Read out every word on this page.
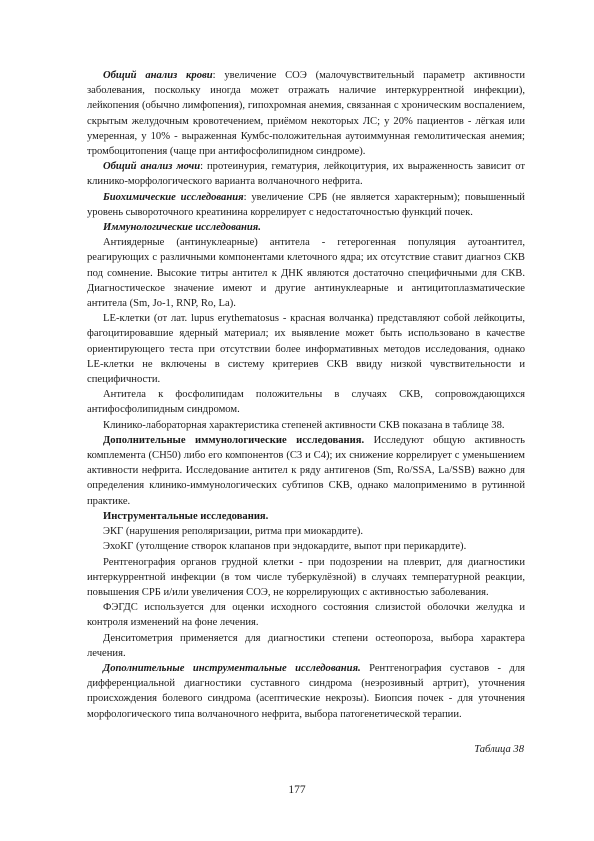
Общий анализ крови: увеличение СОЭ (малочувствительный параметр активности заболевания, поскольку иногда может отражать наличие интеркуррентной инфекции), лейкопения (обычно лимфопения), гипохромная анемия, связанная с хроническим воспалением, скрытым желудочным кровотечением, приёмом некоторых ЛС; у 20% пациентов - лёгкая или умеренная, у 10% - выраженная Кумбс-положительная аутоиммунная гемолитическая анемия; тромбоцитопения (чаще при антифосфолипидном синдроме).

Общий анализ мочи: протеинурия, гематурия, лейкоцитурия, их выраженность зависит от клинико-морфологического варианта волчаночного нефрита.

Биохимические исследования: увеличение СРБ (не является характерным); повышенный уровень сывороточного креатинина коррелирует с недостаточностью функций почек.

Иммунологические исследования.

Антиядерные (антинуклеарные) антитела - гетерогенная популяция аутоантител, реагирующих с различными компонентами клеточного ядра; их отсутствие ставит диагноз СКВ под сомнение. Высокие титры антител к ДНК являются достаточно специфичными для СКВ. Диагностическое значение имеют и другие антинуклеарные и антицитоплазматические антитела (Sm, Jo-1, RNP, Ro, La).

LE-клетки (от лат. lupus erythematosus - красная волчанка) представляют собой лейкоциты, фагоцитировавшие ядерный материал; их выявление может быть использовано в качестве ориентирующего теста при отсутствии более информативных методов исследования, однако LE-клетки не включены в систему критериев СКВ ввиду низкой чувствительности и специфичности.

Антитела к фосфолипидам положительны в случаях СКВ, сопровождающихся антифосфолипидным синдромом.

Клинико-лабораторная характеристика степеней активности СКВ показана в таблице 38.

Дополнительные иммунологические исследования. Исследуют общую активность комплемента (CH50) либо его компонентов (C3 и C4); их снижение коррелирует с уменьшением активности нефрита. Исследование антител к ряду антигенов (Sm, Ro/SSA, La/SSB) важно для определения клинико-иммунологических субтипов СКВ, однако малоприменимо в рутинной практике.

Инструментальные исследования.

ЭКГ (нарушения реполяризации, ритма при миокардите).

ЭхоКГ (утолщение створок клапанов при эндокардите, выпот при перикардите).

Рентгенография органов грудной клетки - при подозрении на плеврит, для диагностики интеркуррентной инфекции (в том числе туберкулёзной) в случаях температурной реакции, повышения СРБ и/или увеличения СОЭ, не коррелирующих с активностью заболевания.

ФЭГДС используется для оценки исходного состояния слизистой оболочки желудка и контроля изменений на фоне лечения.

Денситометрия применяется для диагностики степени остеопороза, выбора характера лечения.

Дополнительные инструментальные исследования. Рентгенография суставов - для дифференциальной диагностики суставного синдрома (неэрозивный артрит), уточнения происхождения болевого синдрома (асептические некрозы). Биопсия почек - для уточнения морфологического типа волчаночного нефрита, выбора патогенетической терапии.

Таблица 38
177
